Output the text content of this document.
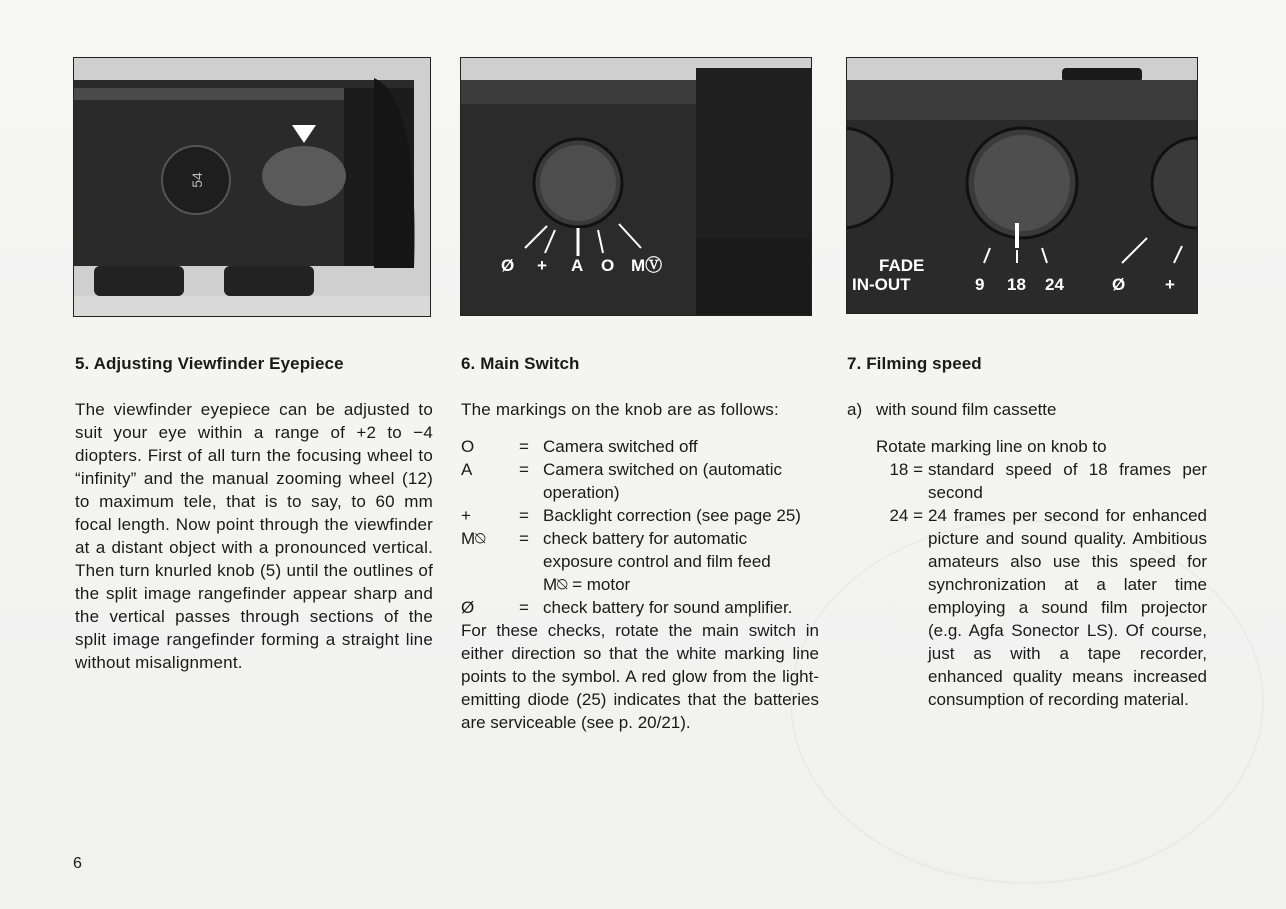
54
Ø + A O MⓋ	FADE
IN-OUT	9 18 24	Ø +
5. Adjusting Viewfinder Eyepiece

The viewfinder eyepiece can be adjusted to suit your eye within a range of +2 to −4 diopters. First of all turn the focusing wheel to “infinity” and the manual zooming wheel (12) to maximum tele, that is to say, to 60 mm focal length. Now point through the viewfinder at a distant object with a pronounced vertical. Then turn knurled knob (5) until the outlines of the split image rangefinder appear sharp and the vertical passes through sections of the split image rangefinder forming a straight line without misalignment.

6. Main Switch

The markings on the knob are as follows:

O	= Camera switched off
A	= Camera switched on (automatic operation)
+	= Backlight correction (see page 25)
M⍉	= check battery for automatic exposure control and film feed
M⍉ = motor
Ø	= check battery for sound amplifier.

For these checks, rotate the main switch in either direction so that the white marking line points to the symbol. A red glow from the light-emitting diode (25) indicates that the batteries are serviceable (see p. 20/21).

7. Filming speed
a) with sound film cassette
Rotate marking line on knob to
18 = standard speed of 18 frames per second
24 = 24 frames per second for enhanced picture and sound quality. Ambitious amateurs also use this speed for synchronization at a later time employing a sound film projector (e.g. Agfa Sonector LS). Of course, just as with a tape recorder, enhanced quality means increased consumption of recording material.
6
